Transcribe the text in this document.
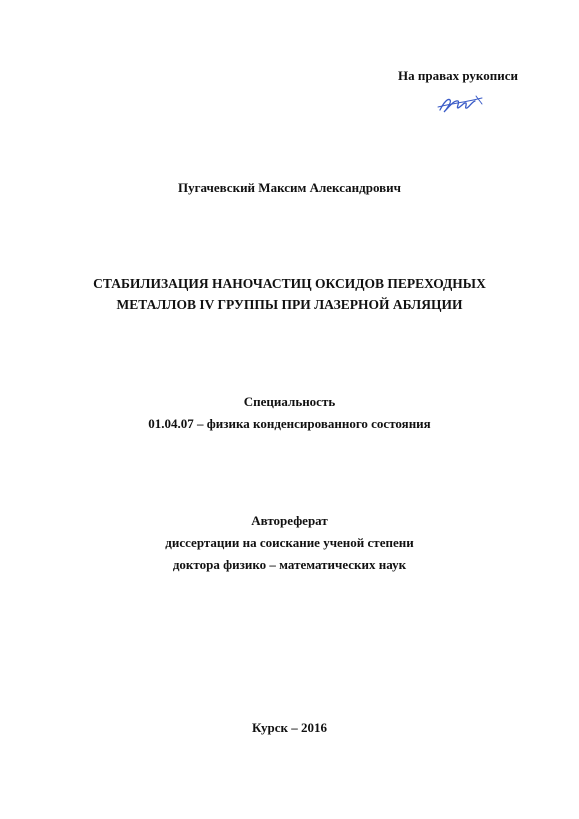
На правах рукописи
Пугачевский Максим Александрович
СТАБИЛИЗАЦИЯ НАНОЧАСТИЦ ОКСИДОВ ПЕРЕХОДНЫХ
МЕТАЛЛОВ IV ГРУППЫ ПРИ ЛАЗЕРНОЙ АБЛЯЦИИ
Специальность
01.04.07 – физика конденсированного состояния
Автореферат
диссертации на соискание ученой степени
доктора физико – математических наук
Курск – 2016
